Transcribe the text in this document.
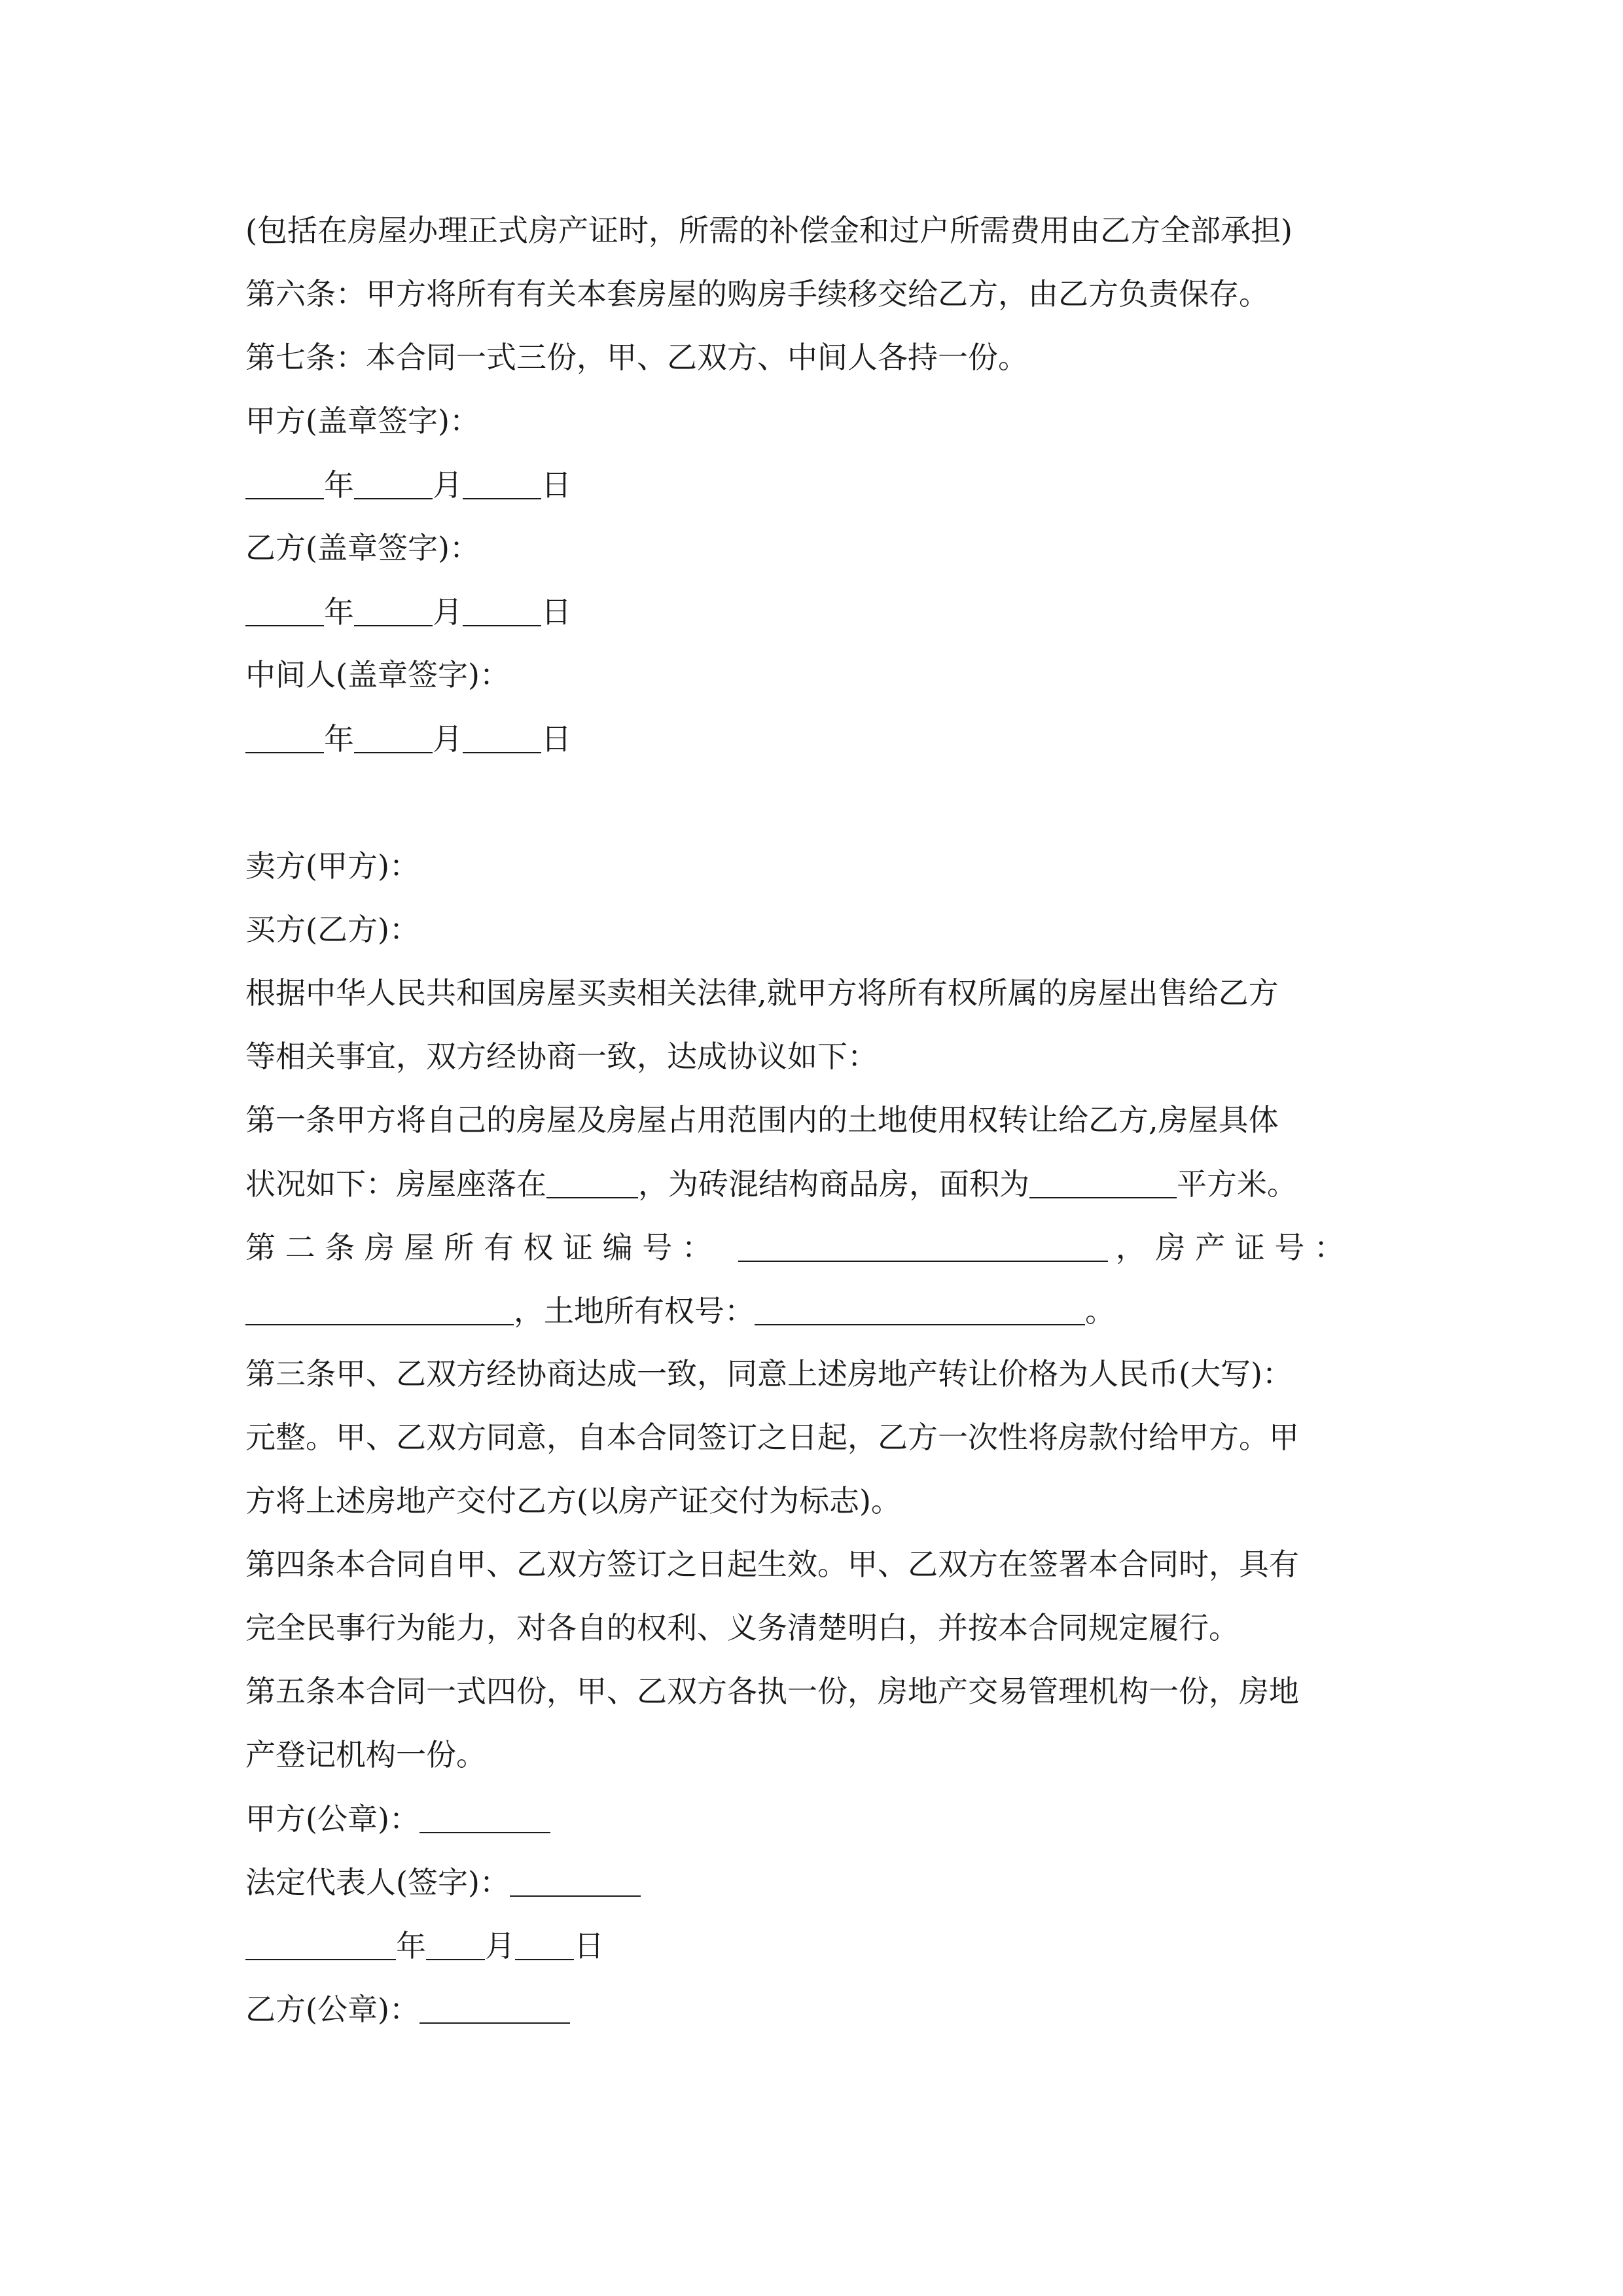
(包括在房屋办理正式房产证时，所需的补偿金和过户所需费用由乙方全部承担)
第六条：甲方将所有有关本套房屋的购房手续移交给乙方，由乙方负责保存。
第七条：本合同一式三份，甲、乙双方、中间人各持一份。
甲方(盖章签字)：
年	月	日
乙方(盖章签字)：
年	月	日
中间人(盖章签字)：
年	月	日
卖方(甲方)：
买方(乙方)：
根据中华人民共和国房屋买卖相关法律,就甲方将所有权所属的房屋出售给乙方
等相关事宜，双方经协商一致，达成协议如下：
第一条甲方将自己的房屋及房屋占用范围内的土地使用权转让给乙方,房屋具体
状况如下：房屋座落在	，为砖混结构商品房，面积为	平方米。
第 二 条 房 屋 所 有 权 证 编 号 ：	， 房 产 证 号 ：
，土地所有权号：	。
第三条甲、乙双方经协商达成一致，同意上述房地产转让价格为人民币(大写)：
元整。甲、乙双方同意，自本合同签订之日起，乙方一次性将房款付给甲方。甲
方将上述房地产交付乙方(以房产证交付为标志)。
第四条本合同自甲、乙双方签订之日起生效。甲、乙双方在签署本合同时，具有
完全民事行为能力，对各自的权利、义务清楚明白，并按本合同规定履行。
第五条本合同一式四份，甲、乙双方各执一份，房地产交易管理机构一份，房地
产登记机构一份。
甲方(公章)：
法定代表人(签字)：
年 月 日
乙方(公章)：
